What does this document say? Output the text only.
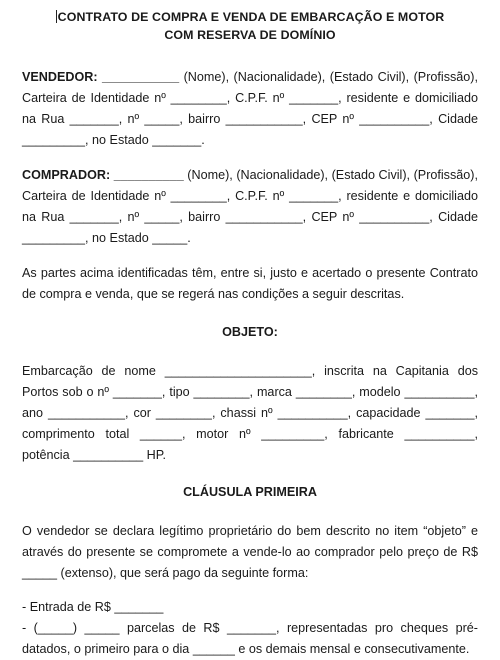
CONTRATO DE COMPRA E VENDA DE EMBARCAÇÃO E MOTOR
COM RESERVA DE DOMÍNIO

VENDEDOR: ___________ (Nome), (Nacionalidade), (Estado Civil), (Profissão), Carteira de Identidade nº ________, C.P.F. nº _______, residente e domiciliado na Rua _______, nº _____, bairro ___________, CEP nº __________, Cidade _________, no Estado _______.

COMPRADOR: __________ (Nome), (Nacionalidade), (Estado Civil), (Profissão), Carteira de Identidade nº ________, C.P.F. nº _______, residente e domiciliado na Rua _______, nº _____, bairro ___________, CEP nº __________, Cidade _________, no Estado _____.

As partes acima identificadas têm, entre si, justo e acertado o presente Contrato de compra e venda, que se regerá nas condições a seguir descritas.

OBJETO:

Embarcação de nome _____________________, inscrita na Capitania dos Portos sob o nº _______, tipo ________, marca ________, modelo __________, ano ___________, cor ________, chassi nº __________, capacidade _______, comprimento total ______, motor nº _________, fabricante __________, potência __________ HP.

CLÁUSULA PRIMEIRA

O vendedor se declara legítimo proprietário do bem descrito no item “objeto” e através do presente se compromete a vende-lo ao comprador pelo preço de R$ _____ (extenso), que será pago da seguinte forma:

- Entrada de R$ _______

- (_____) _____ parcelas de R$ _______, representadas pro cheques pré-datados, o primeiro para o dia ______ e os demais mensal e consecutivamente.
